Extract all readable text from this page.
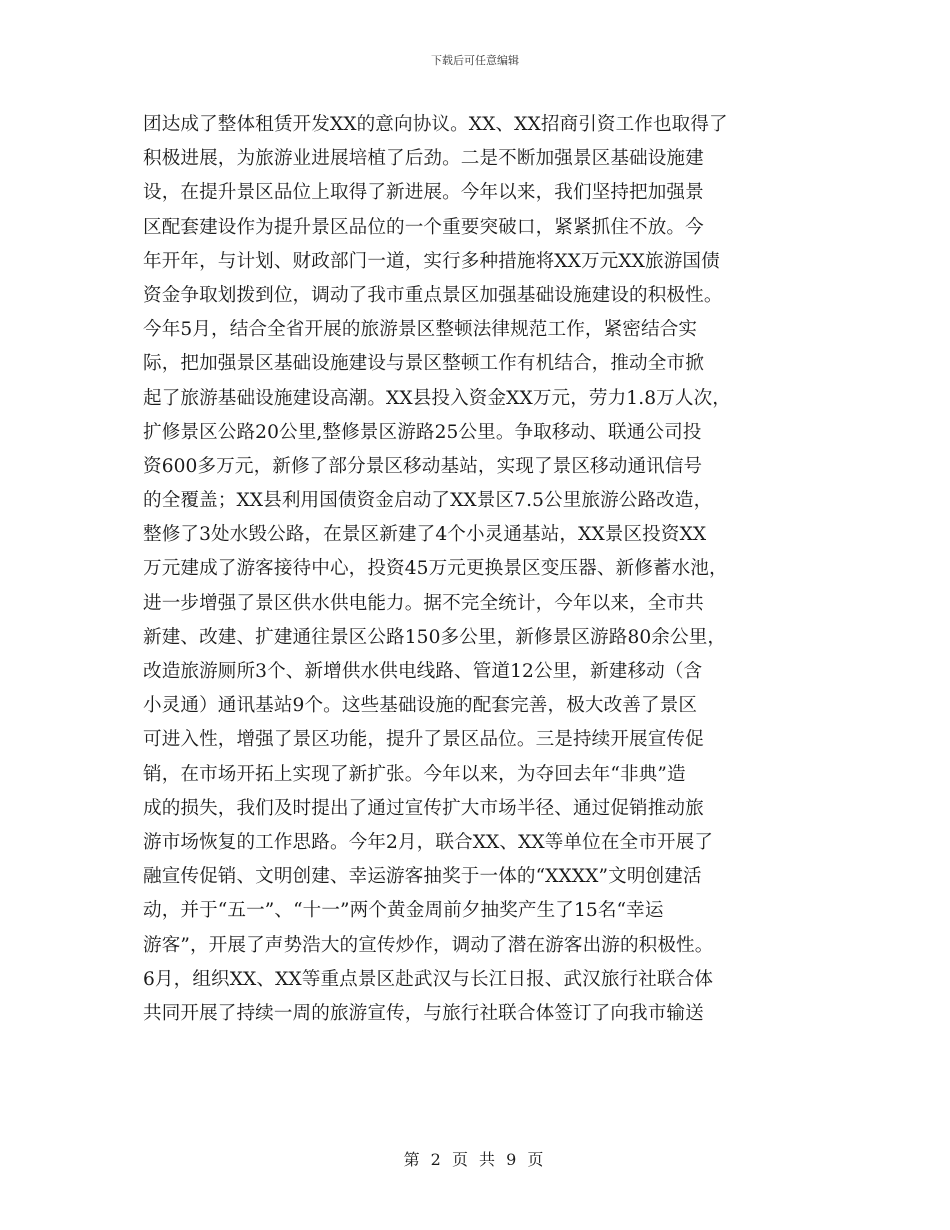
下载后可任意编辑
团达成了整体租赁开发XX的意向协议。XX、XX招商引资工作也取得了
积极进展，为旅游业进展培植了后劲。二是不断加强景区基础设施建
设，在提升景区品位上取得了新进展。今年以来，我们坚持把加强景
区配套建设作为提升景区品位的一个重要突破口，紧紧抓住不放。今
年开年，与计划、财政部门一道，实行多种措施将XX万元XX旅游国债
资金争取划拨到位，调动了我市重点景区加强基础设施建设的积极性。
今年5月，结合全省开展的旅游景区整顿法律规范工作，紧密结合实
际，把加强景区基础设施建设与景区整顿工作有机结合，推动全市掀
起了旅游基础设施建设高潮。XX县投入资金XX万元，劳力1.8万人次，
扩修景区公路20公里,整修景区游路25公里。争取移动、联通公司投
资600多万元，新修了部分景区移动基站，实现了景区移动通讯信号
的全覆盖；XX县利用国债资金启动了XX景区7.5公里旅游公路改造，
整修了3处水毁公路，在景区新建了4个小灵通基站，XX景区投资XX
万元建成了游客接待中心，投资45万元更换景区变压器、新修蓄水池，
进一步增强了景区供水供电能力。据不完全统计，今年以来，全市共
新建、改建、扩建通往景区公路150多公里，新修景区游路80余公里，
改造旅游厕所3个、新增供水供电线路、管道12公里，新建移动（含
小灵通）通讯基站9个。这些基础设施的配套完善，极大改善了景区
可进入性，增强了景区功能，提升了景区品位。三是持续开展宣传促
销，在市场开拓上实现了新扩张。今年以来，为夺回去年“非典”造
成的损失，我们及时提出了通过宣传扩大市场半径、通过促销推动旅
游市场恢复的工作思路。今年2月，联合XX、XX等单位在全市开展了
融宣传促销、文明创建、幸运游客抽奖于一体的“XXXX”文明创建活
动，并于“五一”、“十一”两个黄金周前夕抽奖产生了15名“幸运
游客”，开展了声势浩大的宣传炒作，调动了潜在游客出游的积极性。
6月，组织XX、XX等重点景区赴武汉与长江日报、武汉旅行社联合体
共同开展了持续一周的旅游宣传，与旅行社联合体签订了向我市输送
第 2 页 共 9 页
